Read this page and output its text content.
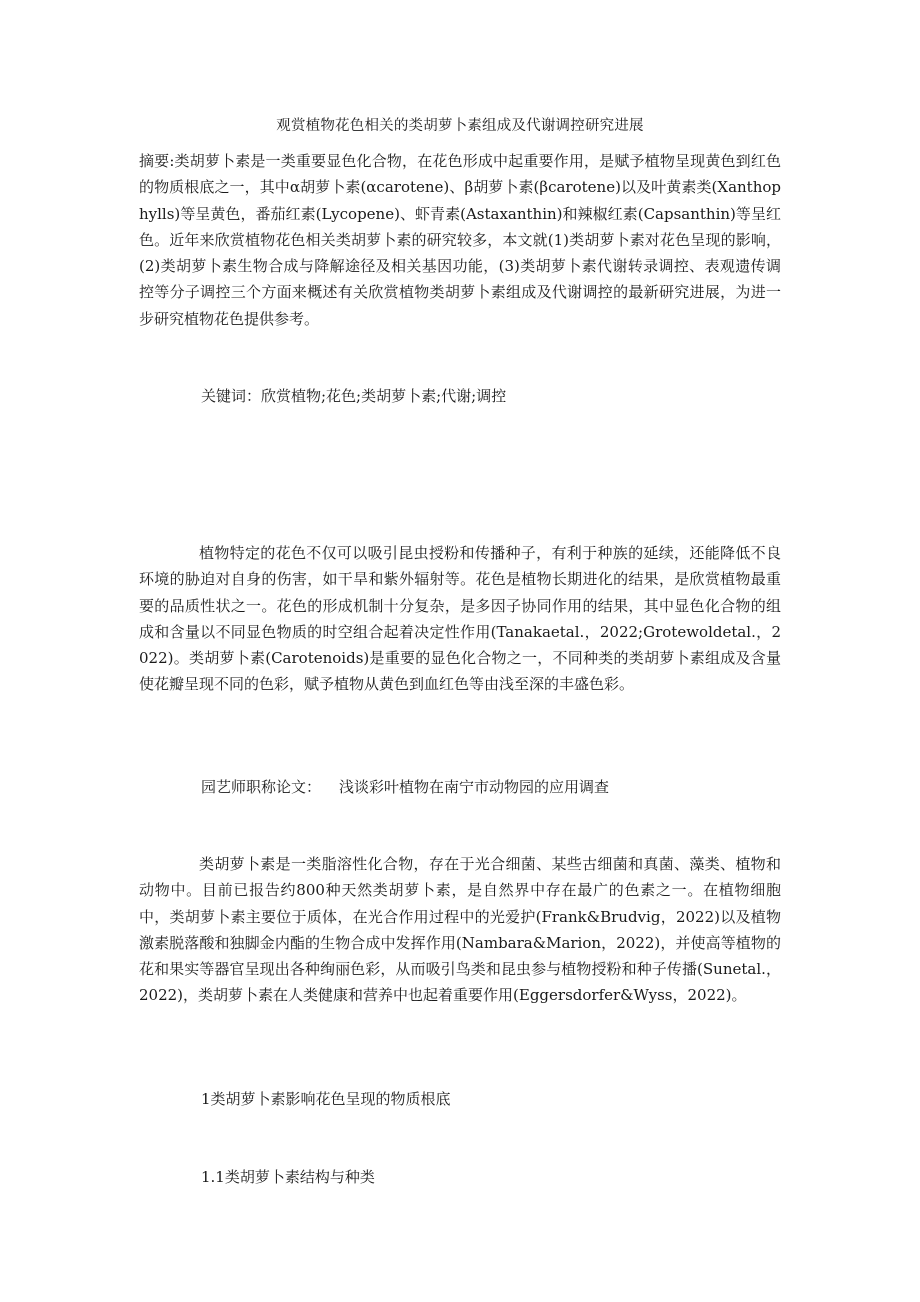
观赏植物花色相关的类胡萝卜素组成及代谢调控研究进展

摘要:类胡萝卜素是一类重要显色化合物，在花色形成中起重要作用，是赋予植物呈现黄色到红色的物质根底之一，其中α胡萝卜素(αcarotene)、β胡萝卜素(βcarotene)以及叶黄素类(Xanthophylls)等呈黄色，番茄红素(Lycopene)、虾青素(Astaxanthin)和辣椒红素(Capsanthin)等呈红色。近年来欣赏植物花色相关类胡萝卜素的研究较多，本文就(1)类胡萝卜素对花色呈现的影响，(2)类胡萝卜素生物合成与降解途径及相关基因功能，(3)类胡萝卜素代谢转录调控、表观遗传调控等分子调控三个方面来概述有关欣赏植物类胡萝卜素组成及代谢调控的最新研究进展，为进一步研究植物花色提供参考。

关键词：欣赏植物;花色;类胡萝卜素;代谢;调控

植物特定的花色不仅可以吸引昆虫授粉和传播种子，有利于种族的延续，还能降低不良环境的胁迫对自身的伤害，如干旱和紫外辐射等。花色是植物长期进化的结果，是欣赏植物最重要的品质性状之一。花色的形成机制十分复杂，是多因子协同作用的结果，其中显色化合物的组成和含量以不同显色物质的时空组合起着决定性作用(Tanakaetal.，2022;Grotewoldetal.，2022)。类胡萝卜素(Carotenoids)是重要的显色化合物之一，不同种类的类胡萝卜素组成及含量使花瓣呈现不同的色彩，赋予植物从黄色到血红色等由浅至深的丰盛色彩。

园艺师职称论文： 浅谈彩叶植物在南宁市动物园的应用调查

类胡萝卜素是一类脂溶性化合物，存在于光合细菌、某些古细菌和真菌、藻类、植物和动物中。目前已报告约800种天然类胡萝卜素，是自然界中存在最广的色素之一。在植物细胞中，类胡萝卜素主要位于质体，在光合作用过程中的光爱护(Frank&Brudvig，2022)以及植物激素脱落酸和独脚金内酯的生物合成中发挥作用(Nambara&Marion，2022)，并使高等植物的花和果实等器官呈现出各种绚丽色彩，从而吸引鸟类和昆虫参与植物授粉和种子传播(Sunetal.，2022)，类胡萝卜素在人类健康和营养中也起着重要作用(Eggersdorfer&Wyss，2022)。

1类胡萝卜素影响花色呈现的物质根底
1.1类胡萝卜素结构与种类
